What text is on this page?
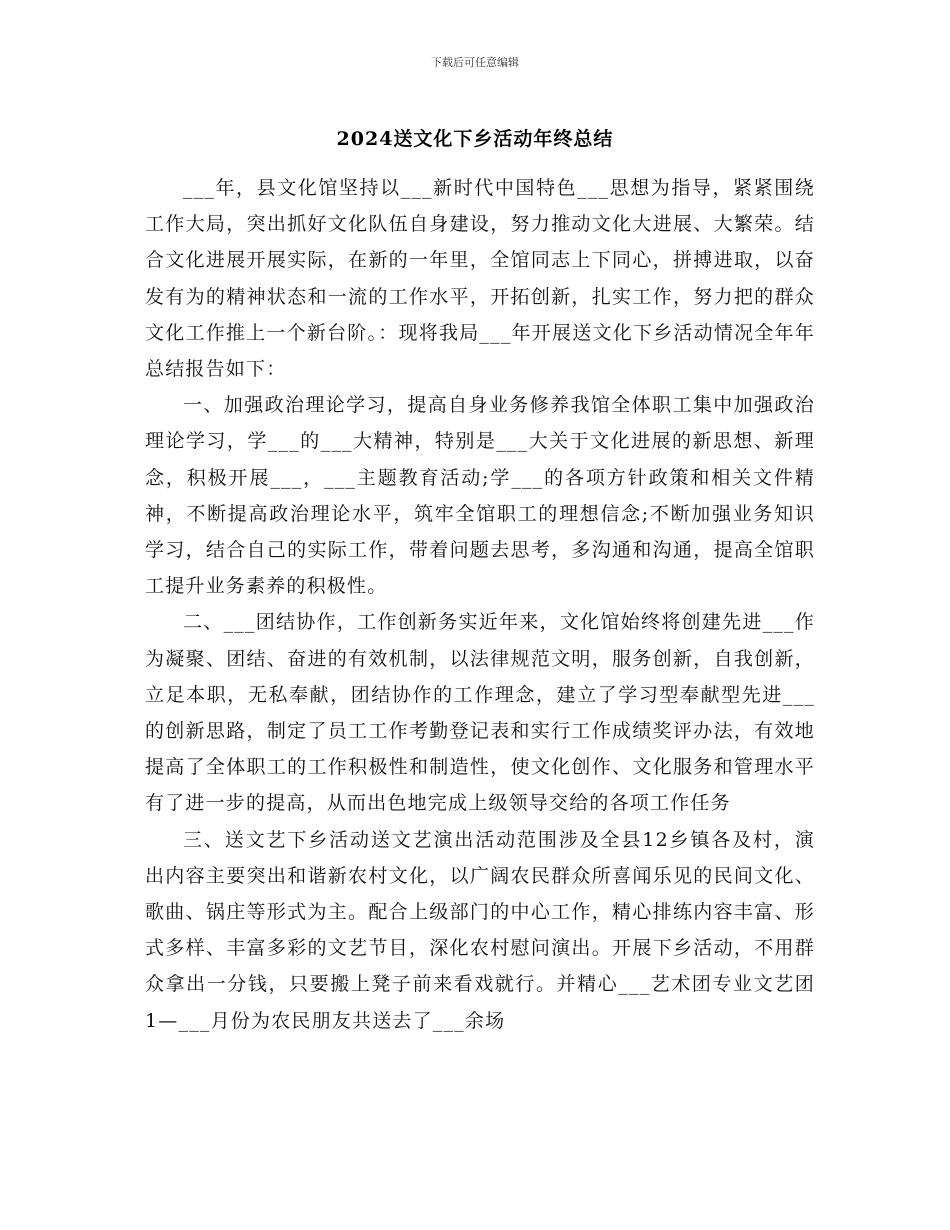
下载后可任意编辑
2024送文化下乡活动年终总结

___年，县文化馆坚持以___新时代中国特色___思想为指导，紧紧围绕工作大局，突出抓好文化队伍自身建设，努力推动文化大进展、大繁荣。结合文化进展开展实际，在新的一年里，全馆同志上下同心，拼搏进取，以奋发有为的精神状态和一流的工作水平，开拓创新，扎实工作，努力把的群众文化工作推上一个新台阶。：现将我局___年开展送文化下乡活动情况全年年总结报告如下：

一、加强政治理论学习，提高自身业务修养我馆全体职工集中加强政治理论学习，学___的___大精神，特别是___大关于文化进展的新思想、新理念，积极开展___，___主题教育活动;学___的各项方针政策和相关文件精神，不断提高政治理论水平，筑牢全馆职工的理想信念;不断加强业务知识学习，结合自己的实际工作，带着问题去思考，多沟通和沟通，提高全馆职工提升业务素养的积极性。

二、___团结协作，工作创新务实近年来，文化馆始终将创建先进___作为凝聚、团结、奋进的有效机制，以法律规范文明，服务创新，自我创新，立足本职，无私奉献，团结协作的工作理念，建立了学习型奉献型先进___的创新思路，制定了员工工作考勤登记表和实行工作成绩奖评办法，有效地提高了全体职工的工作积极性和制造性，使文化创作、文化服务和管理水平有了进一步的提高，从而出色地完成上级领导交给的各项工作任务

三、送文艺下乡活动送文艺演出活动范围涉及全县12乡镇各及村，演出内容主要突出和谐新农村文化，以广阔农民群众所喜闻乐见的民间文化、歌曲、锅庄等形式为主。配合上级部门的中心工作，精心排练内容丰富、形式多样、丰富多彩的文艺节目，深化农村慰问演出。开展下乡活动，不用群众拿出一分钱，只要搬上凳子前来看戏就行。并精心___艺术团专业文艺团1—___月份为农民朋友共送去了___余场
